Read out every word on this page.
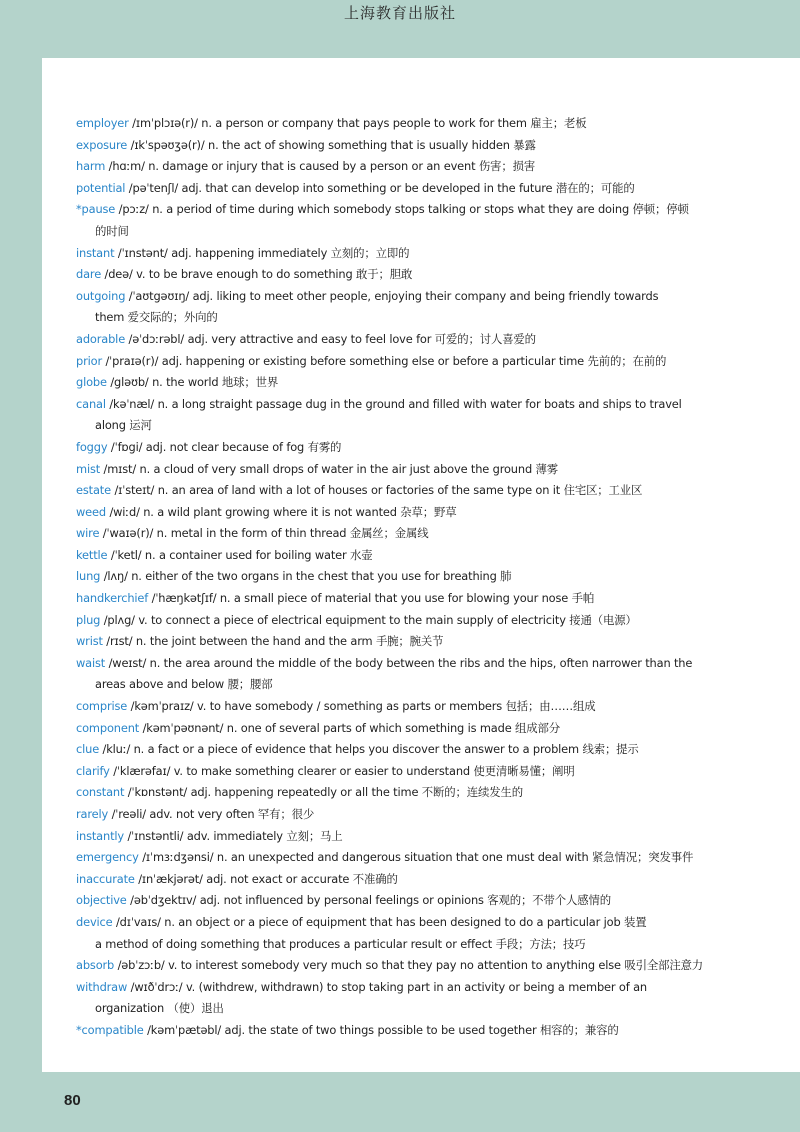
上海教育出版社
employer /ɪmˈplɔɪə(r)/ n. a person or company that pays people to work for them 雇主；老板
exposure /ɪkˈspəʊʒə(r)/ n. the act of showing something that is usually hidden 暴露
harm /hɑːm/ n. damage or injury that is caused by a person or an event 伤害；损害
potential /pəˈtenʃl/ adj. that can develop into something or be developed in the future 潜在的；可能的
*pause /pɔːz/ n. a period of time during which somebody stops talking or stops what they are doing 停顿；停顿
的时间
instant /ˈɪnstənt/ adj. happening immediately 立刻的；立即的
dare /deə/ v. to be brave enough to do something 敢于；胆敢
outgoing /ˈaʊtgəʊɪŋ/ adj. liking to meet other people, enjoying their company and being friendly towards
them 爱交际的；外向的
adorable /əˈdɔːrəbl/ adj. very attractive and easy to feel love for 可爱的；讨人喜爱的
prior /ˈpraɪə(r)/ adj. happening or existing before something else or before a particular time 先前的；在前的
globe /gləʊb/ n. the world 地球；世界
canal /kəˈnæl/ n. a long straight passage dug in the ground and filled with water for boats and ships to travel
along 运河
foggy /ˈfɒgi/ adj. not clear because of fog 有雾的
mist /mɪst/ n. a cloud of very small drops of water in the air just above the ground 薄雾
estate /ɪˈsteɪt/ n. an area of land with a lot of houses or factories of the same type on it 住宅区；工业区
weed /wiːd/ n. a wild plant growing where it is not wanted 杂草；野草
wire /ˈwaɪə(r)/ n. metal in the form of thin thread 金属丝；金属线
kettle /ˈketl/ n. a container used for boiling water 水壶
lung /lʌŋ/ n. either of the two organs in the chest that you use for breathing 肺
handkerchief /ˈhæŋkətʃɪf/ n. a small piece of material that you use for blowing your nose 手帕
plug /plʌg/ v. to connect a piece of electrical equipment to the main supply of electricity 接通（电源）
wrist /rɪst/ n. the joint between the hand and the arm 手腕；腕关节
waist /weɪst/ n. the area around the middle of the body between the ribs and the hips, often narrower than the
areas above and below 腰；腰部
comprise /kəmˈpraɪz/ v. to have somebody / something as parts or members 包括；由……组成
component /kəmˈpəʊnənt/ n. one of several parts of which something is made 组成部分
clue /kluː/ n. a fact or a piece of evidence that helps you discover the answer to a problem 线索；提示
clarify /ˈklærəfaɪ/ v. to make something clearer or easier to understand 使更清晰易懂；阐明
constant /ˈkɒnstənt/ adj. happening repeatedly or all the time 不断的；连续发生的
rarely /ˈreəli/ adv. not very often 罕有；很少
instantly /ˈɪnstəntli/ adv. immediately 立刻；马上
emergency /ɪˈmɜːdʒənsi/ n. an unexpected and dangerous situation that one must deal with 紧急情况；突发事件
inaccurate /ɪnˈækjərət/ adj. not exact or accurate 不准确的
objective /əbˈdʒektɪv/ adj. not influenced by personal feelings or opinions 客观的；不带个人感情的
device /dɪˈvaɪs/ n. an object or a piece of equipment that has been designed to do a particular job 装置
a method of doing something that produces a particular result or effect 手段；方法；技巧
absorb /əbˈzɔːb/ v. to interest somebody very much so that they pay no attention to anything else 吸引全部注意力
withdraw /wɪðˈdrɔː/ v. (withdrew, withdrawn) to stop taking part in an activity or being a member of an
organization （使）退出
*compatible /kəmˈpætəbl/ adj. the state of two things possible to be used together 相容的；兼容的
80
